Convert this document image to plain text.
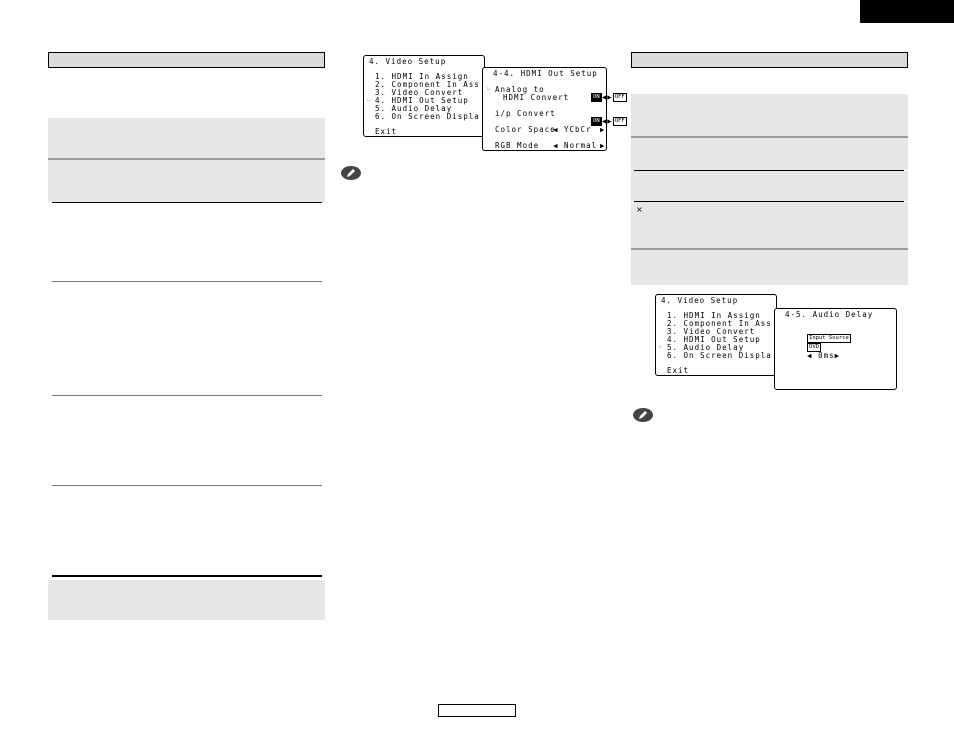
4. Video Setup

1. HDMI In Assign

2. Component In Ass

3. Video Convert

☞

4. HDMI Out Setup

5. Audio Delay

6. On Screen Displa

Exit

4-4. HDMI Out Setup

☞

Analog to

HDMI Convert

	ON ◀▶ OFF

i/p Convert

ON ◀▶ OFF

Color Space

◀ YCbCr

▶

RGB Mode

◀ Normal

▶

×

4. Video Setup

1. HDMI In Assign

2. Component In Ass

3. Video Convert

4. HDMI Out Setup

☞

5. Audio Delay

6. On Screen Displa

Exit

4-5. Audio Delay

Input Source
DVD
◀ 0ms▶
